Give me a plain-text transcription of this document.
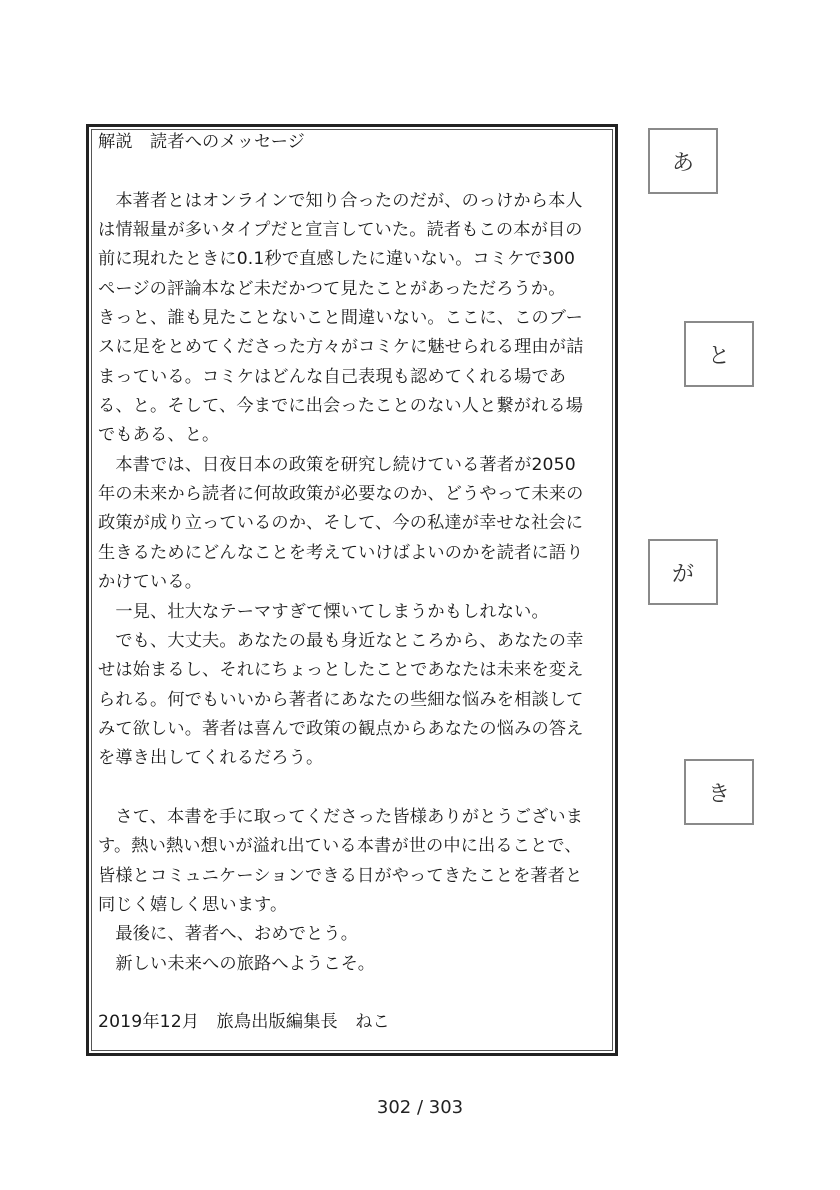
解説　読者へのメッセージ
　本著者とはオンラインで知り合ったのだが、のっけから本人
は情報量が多いタイプだと宣言していた。読者もこの本が目の
前に現れたときに0.1秒で直感したに違いない。コミケで300
ページの評論本など未だかつて見たことがあっただろうか。
きっと、誰も見たことないこと間違いない。ここに、このブー
スに足をとめてくださった方々がコミケに魅せられる理由が詰
まっている。コミケはどんな自己表現も認めてくれる場であ
る、と。そして、今までに出会ったことのない人と繋がれる場
でもある、と。
　本書では、日夜日本の政策を研究し続けている著者が2050
年の未来から読者に何故政策が必要なのか、どうやって未来の
政策が成り立っているのか、そして、今の私達が幸せな社会に
生きるためにどんなことを考えていけばよいのかを読者に語り
かけている。
　一見、壮大なテーマすぎて慄いてしまうかもしれない。
　でも、大丈夫。あなたの最も身近なところから、あなたの幸
せは始まるし、それにちょっとしたことであなたは未来を変え
られる。何でもいいから著者にあなたの些細な悩みを相談して
みて欲しい。著者は喜んで政策の観点からあなたの悩みの答え
を導き出してくれるだろう。
　さて、本書を手に取ってくださった皆様ありがとうございま
す。熱い熱い想いが溢れ出ている本書が世の中に出ることで、
皆様とコミュニケーションできる日がやってきたことを著者と
同じく嬉しく思います。
　最後に、著者へ、おめでとう。
　新しい未来への旅路へようこそ。
2019年12月　旅鳥出版編集長　ねこ
あ
と
が
き
302 / 303
